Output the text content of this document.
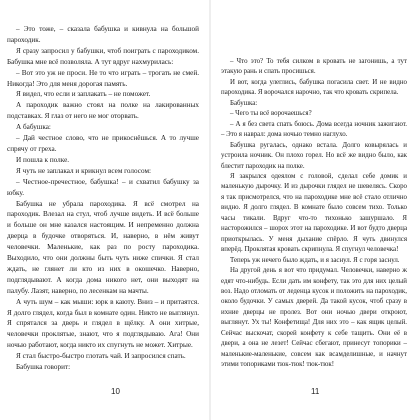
– Это тоже, – сказала бабушка и кивнула на большой пароходик.

Я сразу запросил у бабушки, чтоб поиграть с пароходиком. Бабушка мне всё позволяла. А тут вдруг нахмурилась:

– Вот это уж не проси. Не то что играть – трогать не смей. Никогда! Это для меня дорогая память.

Я видел, что если и заплакать – не поможет.

А пароходик важно стоял на полке на лакированных подставках. Я глаз от него не мог оторвать.

А бабушка:

– Дай честное слово, что не прикоснёшься. А то лучше спрячу от греха.

И пошла к полке.

Я чуть не заплакал и крикнул всем голосом:

– Честное-пречестное, бабушка! – и схватил бабушку за юбку.

Бабушка не убрала пароходика. Я всё смотрел на пароходик. Влезал на стул, чтоб лучше видеть. И всё больше и больше он мне казался настоящим. И непременно должна дверца в будочке отворяться. И, наверно, в нём живут человечки. Маленькие, как раз по росту пароходика. Выходило, что они должны быть чуть ниже спички. Я стал ждать, не глянет ли кто из них в окошечко. Наверно, подглядывают. А когда дома никого нет, они выходят на палубу. Лазят, наверно, по лесенкам на мачты.

А чуть шум – как мыши: юрк в каюту. Вниз – и притаятся. Я долго глядел, когда был в комнате один. Никто не выглянул. Я спрятался за дверь и глядел в щёлку. А они хитрые, человечки проклятые, знают, что я подглядываю. Ага! Они ночью работают, когда никто их спугнуть не может. Хитрые.

Я стал быстро-быстро глотать чай. И запросился спать.

Бабушка говорит:

10

– Что это? То тебя силком в кровать не загонишь, а тут этакую рань и спать просишься.

И вот, когда улеглись, бабушка погасила свет. И не видно пароходика. Я ворочался нарочно, так что кровать скрипела.

Бабушка:

– Чего ты всё ворочаешься?

– А я без света спать боюсь. Дома всегда ночник зажигают. – Это я наврал: дома ночью темно наглухо.

Бабушка ругалась, однако встала. Долго ковырялась и устроила ночник. Он плохо горел. Но всё же видно было, как блестит пароходик на полке.

Я закрылся одеялом с головой, сделал себе домик и маленькую дырочку. И из дырочки глядел не шевелясь. Скоро я так присмотрелся, что на пароходике мне всё стало отлично видно. Я долго глядел. В комнате было совсем тихо. Только часы тикали. Вдруг что-то тихонько зашуршало. Я насторожился – шорох этот на пароходике. И вот будто дверца приоткрылась. У меня дыхание спёрло. Я чуть двинулся вперёд. Проклятая кровать скрипнула. Я спугнул человечка!

Теперь уж нечего было ждать, и я заснул. Я с горя заснул.

На другой день я вот что придумал. Человечки, наверно ж едят что-нибудь. Если дать им конфету, так это для них целый воз. Надо отломать от леденца кусок и положить на пароходик, около будочки. У самых дверей. Да такой кусок, чтоб сразу в ихние дверцы не пролез. Вот они ночью двери откроют, выглянут. Ух ты! Конфетища! Для них это – как ящик целый. Сейчас выскочат, скорей конфету к себе тащить. Они её в двери, а она не лезет! Сейчас сбегают, принесут топорики – маленькие-маленькие, совсем как всамделишные, и начнут этими топориками тюк-тюк! тюк-тюк!

11
